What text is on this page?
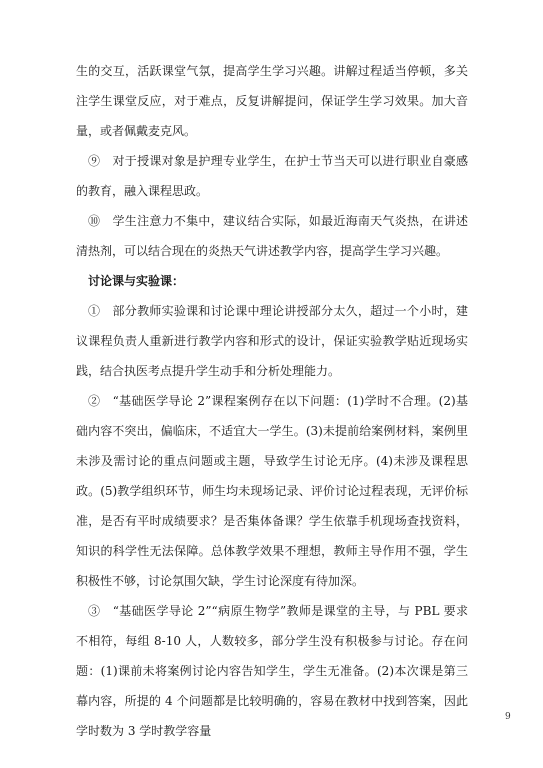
生的交互，活跃课堂气氛，提高学生学习兴趣。讲解过程适当停顿，多关注学生课堂反应，对于难点，反复讲解提问，保证学生学习效果。加大音量，或者佩戴麦克风。

⑨　对于授课对象是护理专业学生，在护士节当天可以进行职业自豪感的教育，融入课程思政。

⑩　学生注意力不集中，建议结合实际，如最近海南天气炎热，在讲述清热剂，可以结合现在的炎热天气讲述教学内容，提高学生学习兴趣。

讨论课与实验课：

①　部分教师实验课和讨论课中理论讲授部分太久，超过一个小时，建议课程负责人重新进行教学内容和形式的设计，保证实验教学贴近现场实践，结合执医考点提升学生动手和分析处理能力。

②　“基础医学导论 2”课程案例存在以下问题：(1)学时不合理。(2)基础内容不突出，偏临床，不适宜大一学生。(3)未提前给案例材料，案例里未涉及需讨论的重点问题或主题，导致学生讨论无序。(4)未涉及课程思政。(5)教学组织环节，师生均未现场记录、评价讨论过程表现，无评价标准，是否有平时成绩要求？是否集体备课？学生依靠手机现场查找资料，知识的科学性无法保障。总体教学效果不理想，教师主导作用不强，学生积极性不够，讨论氛围欠缺，学生讨论深度有待加深。

③　“基础医学导论 2”“病原生物学”教师是课堂的主导，与 PBL 要求不相符，每组 8-10 人，人数较多，部分学生没有积极参与讨论。存在问题：(1)课前未将案例讨论内容告知学生，学生无准备。(2)本次课是第三幕内容，所提的 4 个问题都是比较明确的，容易在教材中找到答案，因此学时数为 3 学时教学容量

9
